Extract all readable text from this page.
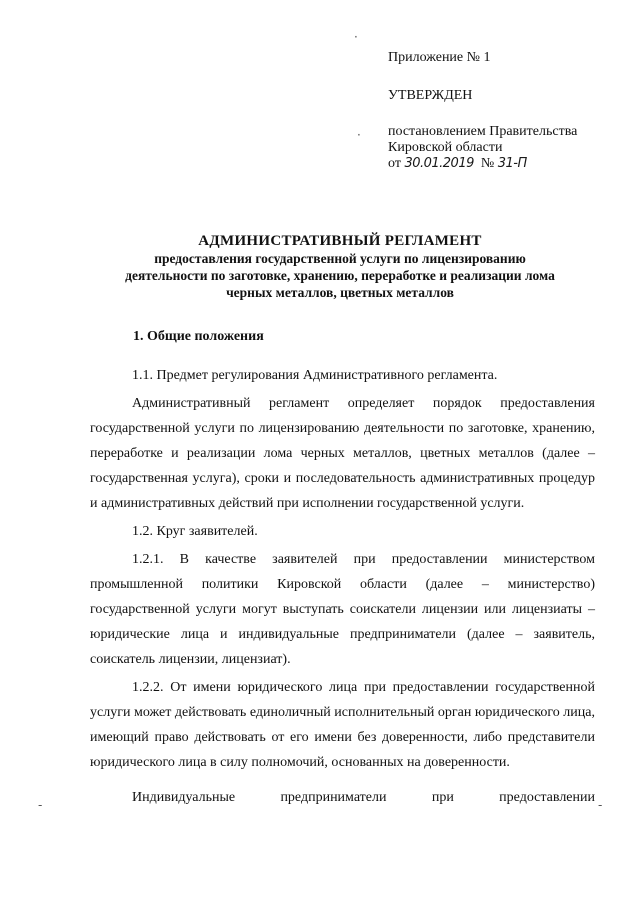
Приложение № 1
УТВЕРЖДЕН
постановлением Правительства
Кировской области
от 30.01.2019 № 31-П
АДМИНИСТРАТИВНЫЙ РЕГЛАМЕНТ
предоставления государственной услуги по лицензированию
деятельности по заготовке, хранению, переработке и реализации лома
черных металлов, цветных металлов
1. Общие положения

1.1. Предмет регулирования Административного регламента.

Административный регламент определяет порядок предоставления государственной услуги по лицензированию деятельности по заготовке, хранению, переработке и реализации лома черных металлов, цветных металлов (далее – государственная услуга), сроки и последовательность административных процедур и административных действий при исполнении государственной услуги.

1.2. Круг заявителей.

1.2.1. В качестве заявителей при предоставлении министерством промышленной политики Кировской области (далее – министерство) государственной услуги могут выступать соискатели лицензии или лицензиаты – юридические лица и индивидуальные предприниматели (далее – заявитель, соискатель лицензии, лицензиат).

1.2.2. От имени юридического лица при предоставлении государственной услуги может действовать единоличный исполнительный орган юридического лица, имеющий право действовать от его имени без доверенности, либо представители юридического лица в силу полномочий, основанных на доверенности.

Индивидуальные предприниматели при предоставлении

·
·
-	-
